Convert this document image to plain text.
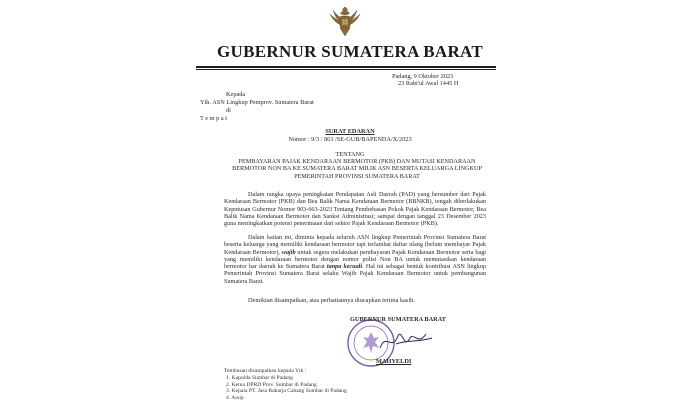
GUBERNUR SUMATERA BARAT
Padang, 9 Oktober 2023
23 Rabi'ul Awal 1445 H
Kepada
Yth. ASN Lingkup Pemprov. Sumatera Barat
di
T e m p a t
SURAT EDARAN
Nomor : 9/3 / 863 /SE-GUB/BAPENDA/X/2023
TENTANG
PEMBAYARAN PAJAK KENDARAAN BERMOTOR (PKB) DAN MUTASI KENDARAAN BERMOTOR NON BA KE SUMATERA BARAT MILIK ASN BESERTA KELUARGA LINGKUP PEMERINTAH PROVINSI SUMATERA BARAT
Dalam rangka upaya peningkatan Pendapatan Asli Daerah (PAD) yang bersumber dari Pajak Kendaraan Bermotor (PKB) dan Bea Balik Nama Kendaraan Bermotor (BBNKB), tengah diberlakukan Keputusan Gubernur Nomor 903-663-2023 Tentang Pembebasan Pokok Pajak Kendaraan Bermotor, Bea Balik Nama Kendaraan Bermotor dan Sanksi Administrasi; sampai dengan tanggal 23 Desember 2023 guna meningkatkan potensi penerimaan dari sektor Pajak Kendaraan Bermotor (PKB).
Dalam kaitan ini, diminta kepada seluruh ASN lingkup Pemerintah Provinsi Sumatera Barat beserta keluarga yang memiliki kendaraan bermotor tapi terlambat daftar ulang (belum membayar Pajak Kendaraan Bermotor), wajib untuk segera melakukan pembayaran Pajak Kendaraan Bermotor serta bagi yang memiliki kendaraan bermotor dengan nomor polisi Non BA untuk memutasikan kendaraan bermotor har daerah ke Sumatera Barat tanpa kecuali. Hal ini sebagai bentuk kontribusi ASN lingkup Pemerintah Provinsi Sumatera Barat selaku Wajib Pajak Kendaraan Bermotor untuk pembangunan Sumatera Barat.
Demikian disampaikan, atas perhatiannya diucapkan terima kasih.
GUBERNUR SUMATERA BARAT
MAHYELDI
Tembusan disampaikan kepada Yth :
1. Kapolda Sumbar di Padang
2. Ketua DPRD Prov. Sumbar di Padang
3. Kepala PT. Jasa Raharja Cabang Sumbar di Padang
4. Arsip
